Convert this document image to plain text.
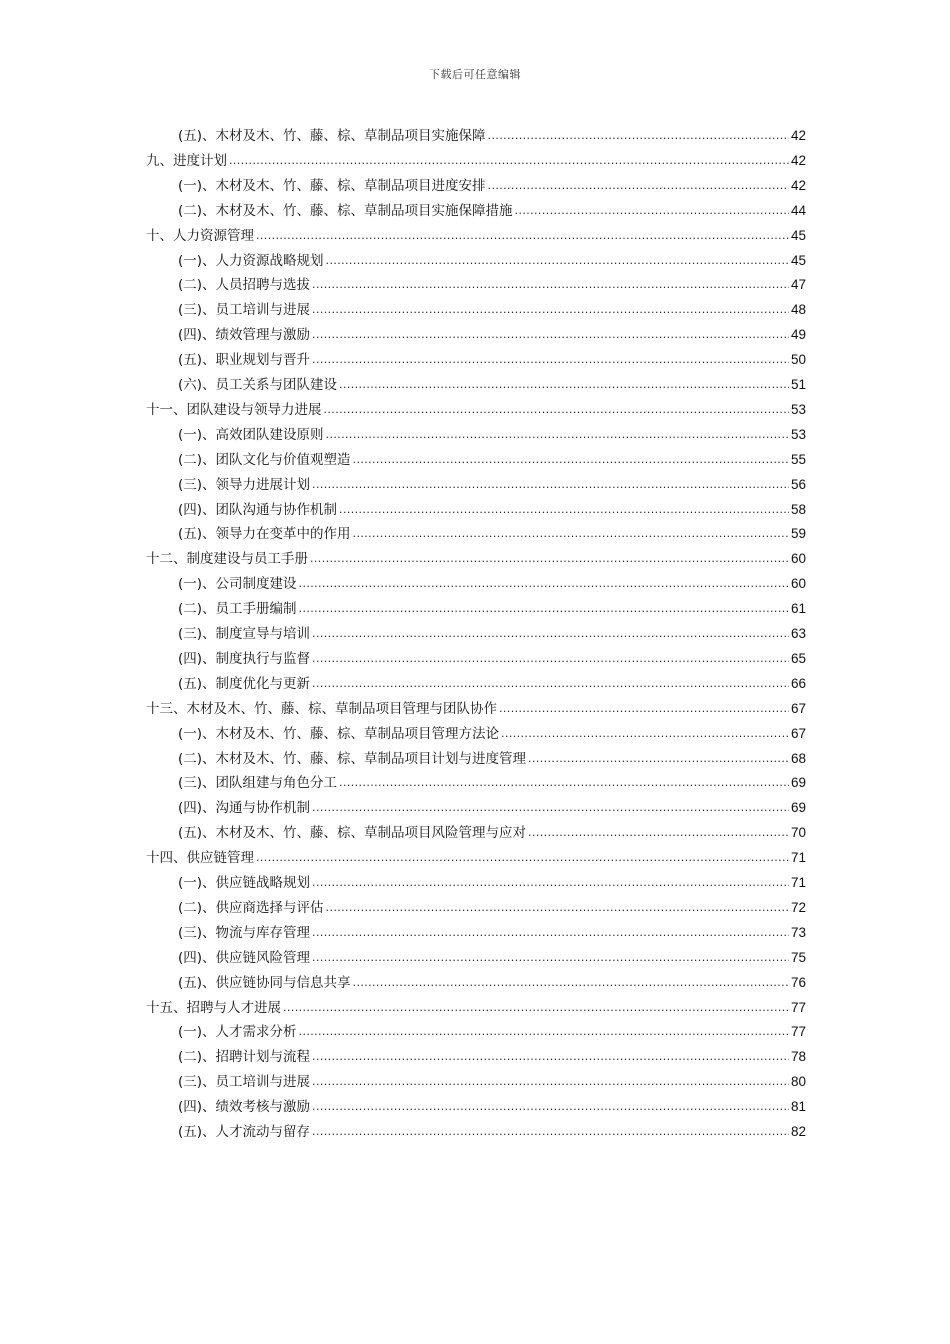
下载后可任意编辑
(五)、木材及木、竹、藤、棕、草制品项目实施保障 .....	42
九、进度计划 .....	42
(一)、木材及木、竹、藤、棕、草制品项目进度安排 .....	42
(二)、木材及木、竹、藤、棕、草制品项目实施保障措施 .....	44
十、人力资源管理 .....	45
(一)、人力资源战略规划 .....	45
(二)、人员招聘与选拔 .....	47
(三)、员工培训与进展 .....	48
(四)、绩效管理与激励 .....	49
(五)、职业规划与晋升 .....	50
(六)、员工关系与团队建设 .....	51
十一、团队建设与领导力进展 .....	53
(一)、高效团队建设原则 .....	53
(二)、团队文化与价值观塑造 .....	55
(三)、领导力进展计划 .....	56
(四)、团队沟通与协作机制 .....	58
(五)、领导力在变革中的作用 .....	59
十二、制度建设与员工手册 .....	60
(一)、公司制度建设 .....	60
(二)、员工手册编制 .....	61
(三)、制度宣导与培训 .....	63
(四)、制度执行与监督 .....	65
(五)、制度优化与更新 .....	66
十三、木材及木、竹、藤、棕、草制品项目管理与团队协作 .....	67
(一)、木材及木、竹、藤、棕、草制品项目管理方法论 .....	67
(二)、木材及木、竹、藤、棕、草制品项目计划与进度管理 .....	68
(三)、团队组建与角色分工 .....	69
(四)、沟通与协作机制 .....	69
(五)、木材及木、竹、藤、棕、草制品项目风险管理与应对 .....	70
十四、供应链管理 .....	71
(一)、供应链战略规划 .....	71
(二)、供应商选择与评估 .....	72
(三)、物流与库存管理 .....	73
(四)、供应链风险管理 .....	75
(五)、供应链协同与信息共享 .....	76
十五、招聘与人才进展 .....	77
(一)、人才需求分析 .....	77
(二)、招聘计划与流程 .....	78
(三)、员工培训与进展 .....	80
(四)、绩效考核与激励 .....	81
(五)、人才流动与留存 .....	82
